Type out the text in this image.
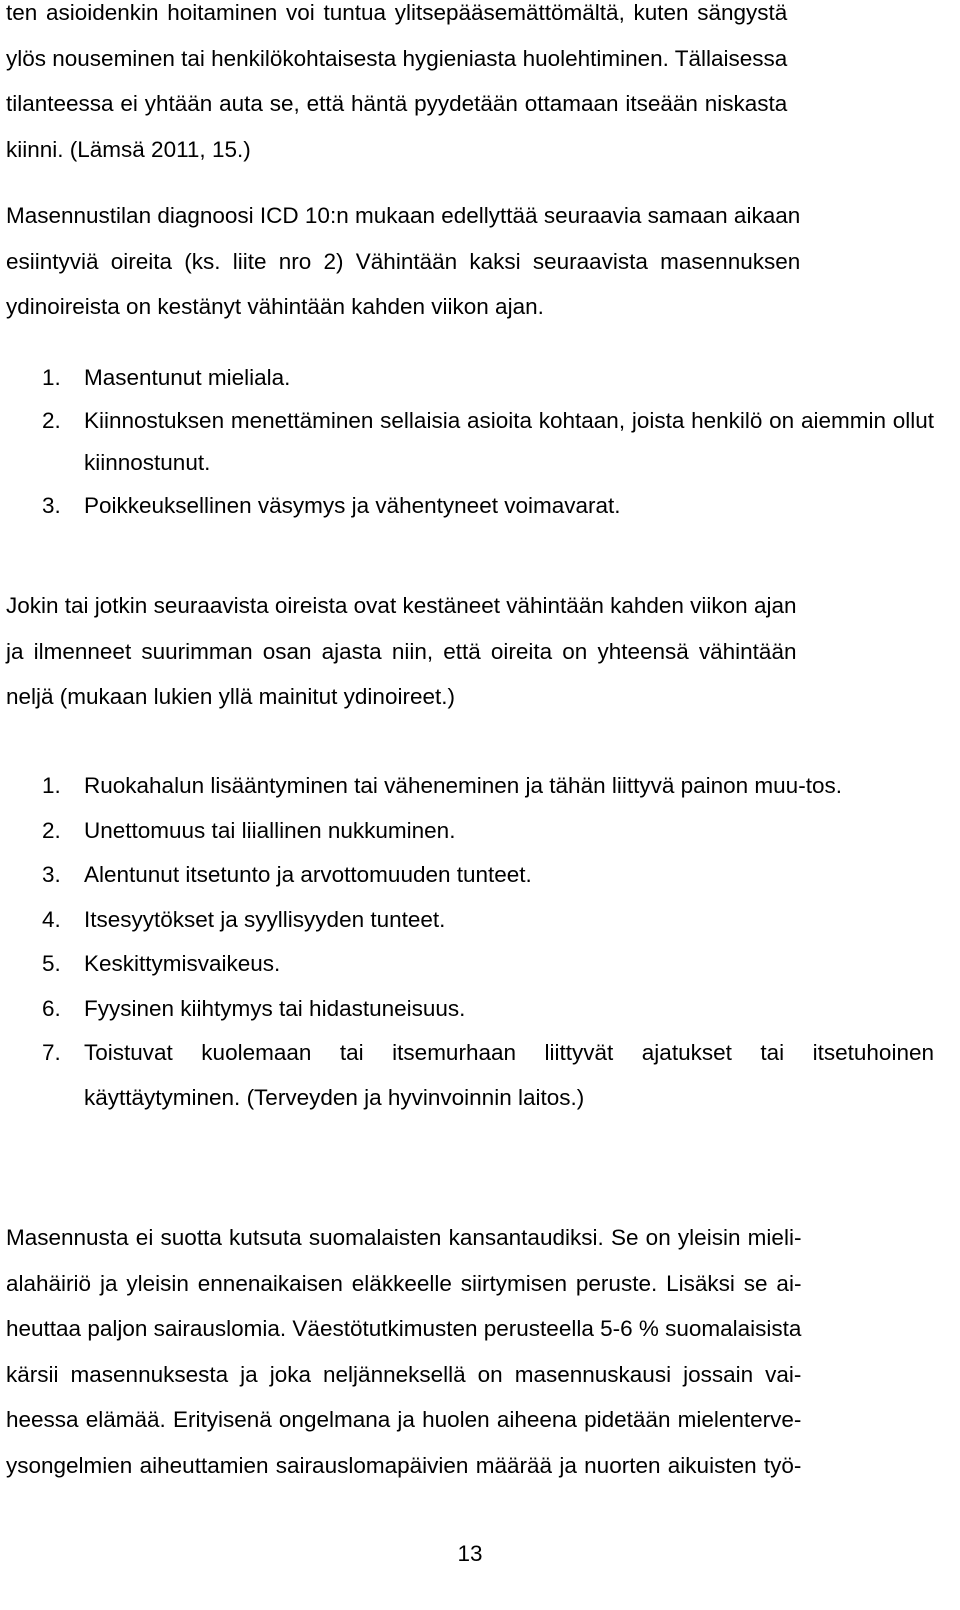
ten asioidenkin hoitaminen voi tuntua ylitsepääsemättömältä, kuten sängystä
ylös nouseminen tai henkilökohtaisesta hygieniasta huolehtiminen. Tällaisessa
tilanteessa ei yhtään auta se, että häntä pyydetään ottamaan itseään niskasta
kiinni. (Lämsä 2011, 15.)

Masennustilan diagnoosi ICD 10:n mukaan edellyttää seuraavia samaan aikaan
esiintyviä oireita (ks. liite nro 2) Vähintään kaksi seuraavista masennuksen
ydinoireista on kestänyt vähintään kahden viikon ajan.

1. Masentunut mieliala.
2. Kiinnostuksen menettäminen sellaisia asioita kohtaan, joista henkilö on aiemmin ollut kiinnostunut.
3. Poikkeuksellinen väsymys ja vähentyneet voimavarat.

Jokin tai jotkin seuraavista oireista ovat kestäneet vähintään kahden viikon ajan
ja ilmenneet suurimman osan ajasta niin, että oireita on yhteensä vähintään
neljä (mukaan lukien yllä mainitut ydinoireet.)

1. Ruokahalun lisääntyminen tai väheneminen ja tähän liittyvä painon muu-tos.
2. Unettomuus tai liiallinen nukkuminen.
3. Alentunut itsetunto ja arvottomuuden tunteet.
4. Itsesyytökset ja syyllisyyden tunteet.
5. Keskittymisvaikeus.
6. Fyysinen kiihtymys tai hidastuneisuus.
7. Toistuvat kuolemaan tai itsemurhaan liittyvät ajatukset tai itsetuhoinen käyttäytyminen. (Terveyden ja hyvinvoinnin laitos.)

Masennusta ei suotta kutsuta suomalaisten kansantaudiksi. Se on yleisin mieli-
alahäiriö ja yleisin ennenaikaisen eläkkeelle siirtymisen peruste. Lisäksi se ai-
heuttaa paljon sairauslomia. Väestötutkimusten perusteella 5-6 % suomalaisista
kärsii masennuksesta ja joka neljänneksellä on masennuskausi jossain vai-
heessa elämää. Erityisenä ongelmana ja huolen aiheena pidetään mielenterve-
ysongelmien aiheuttamien sairauslomapäivien määrää ja nuorten aikuisten työ-

13
